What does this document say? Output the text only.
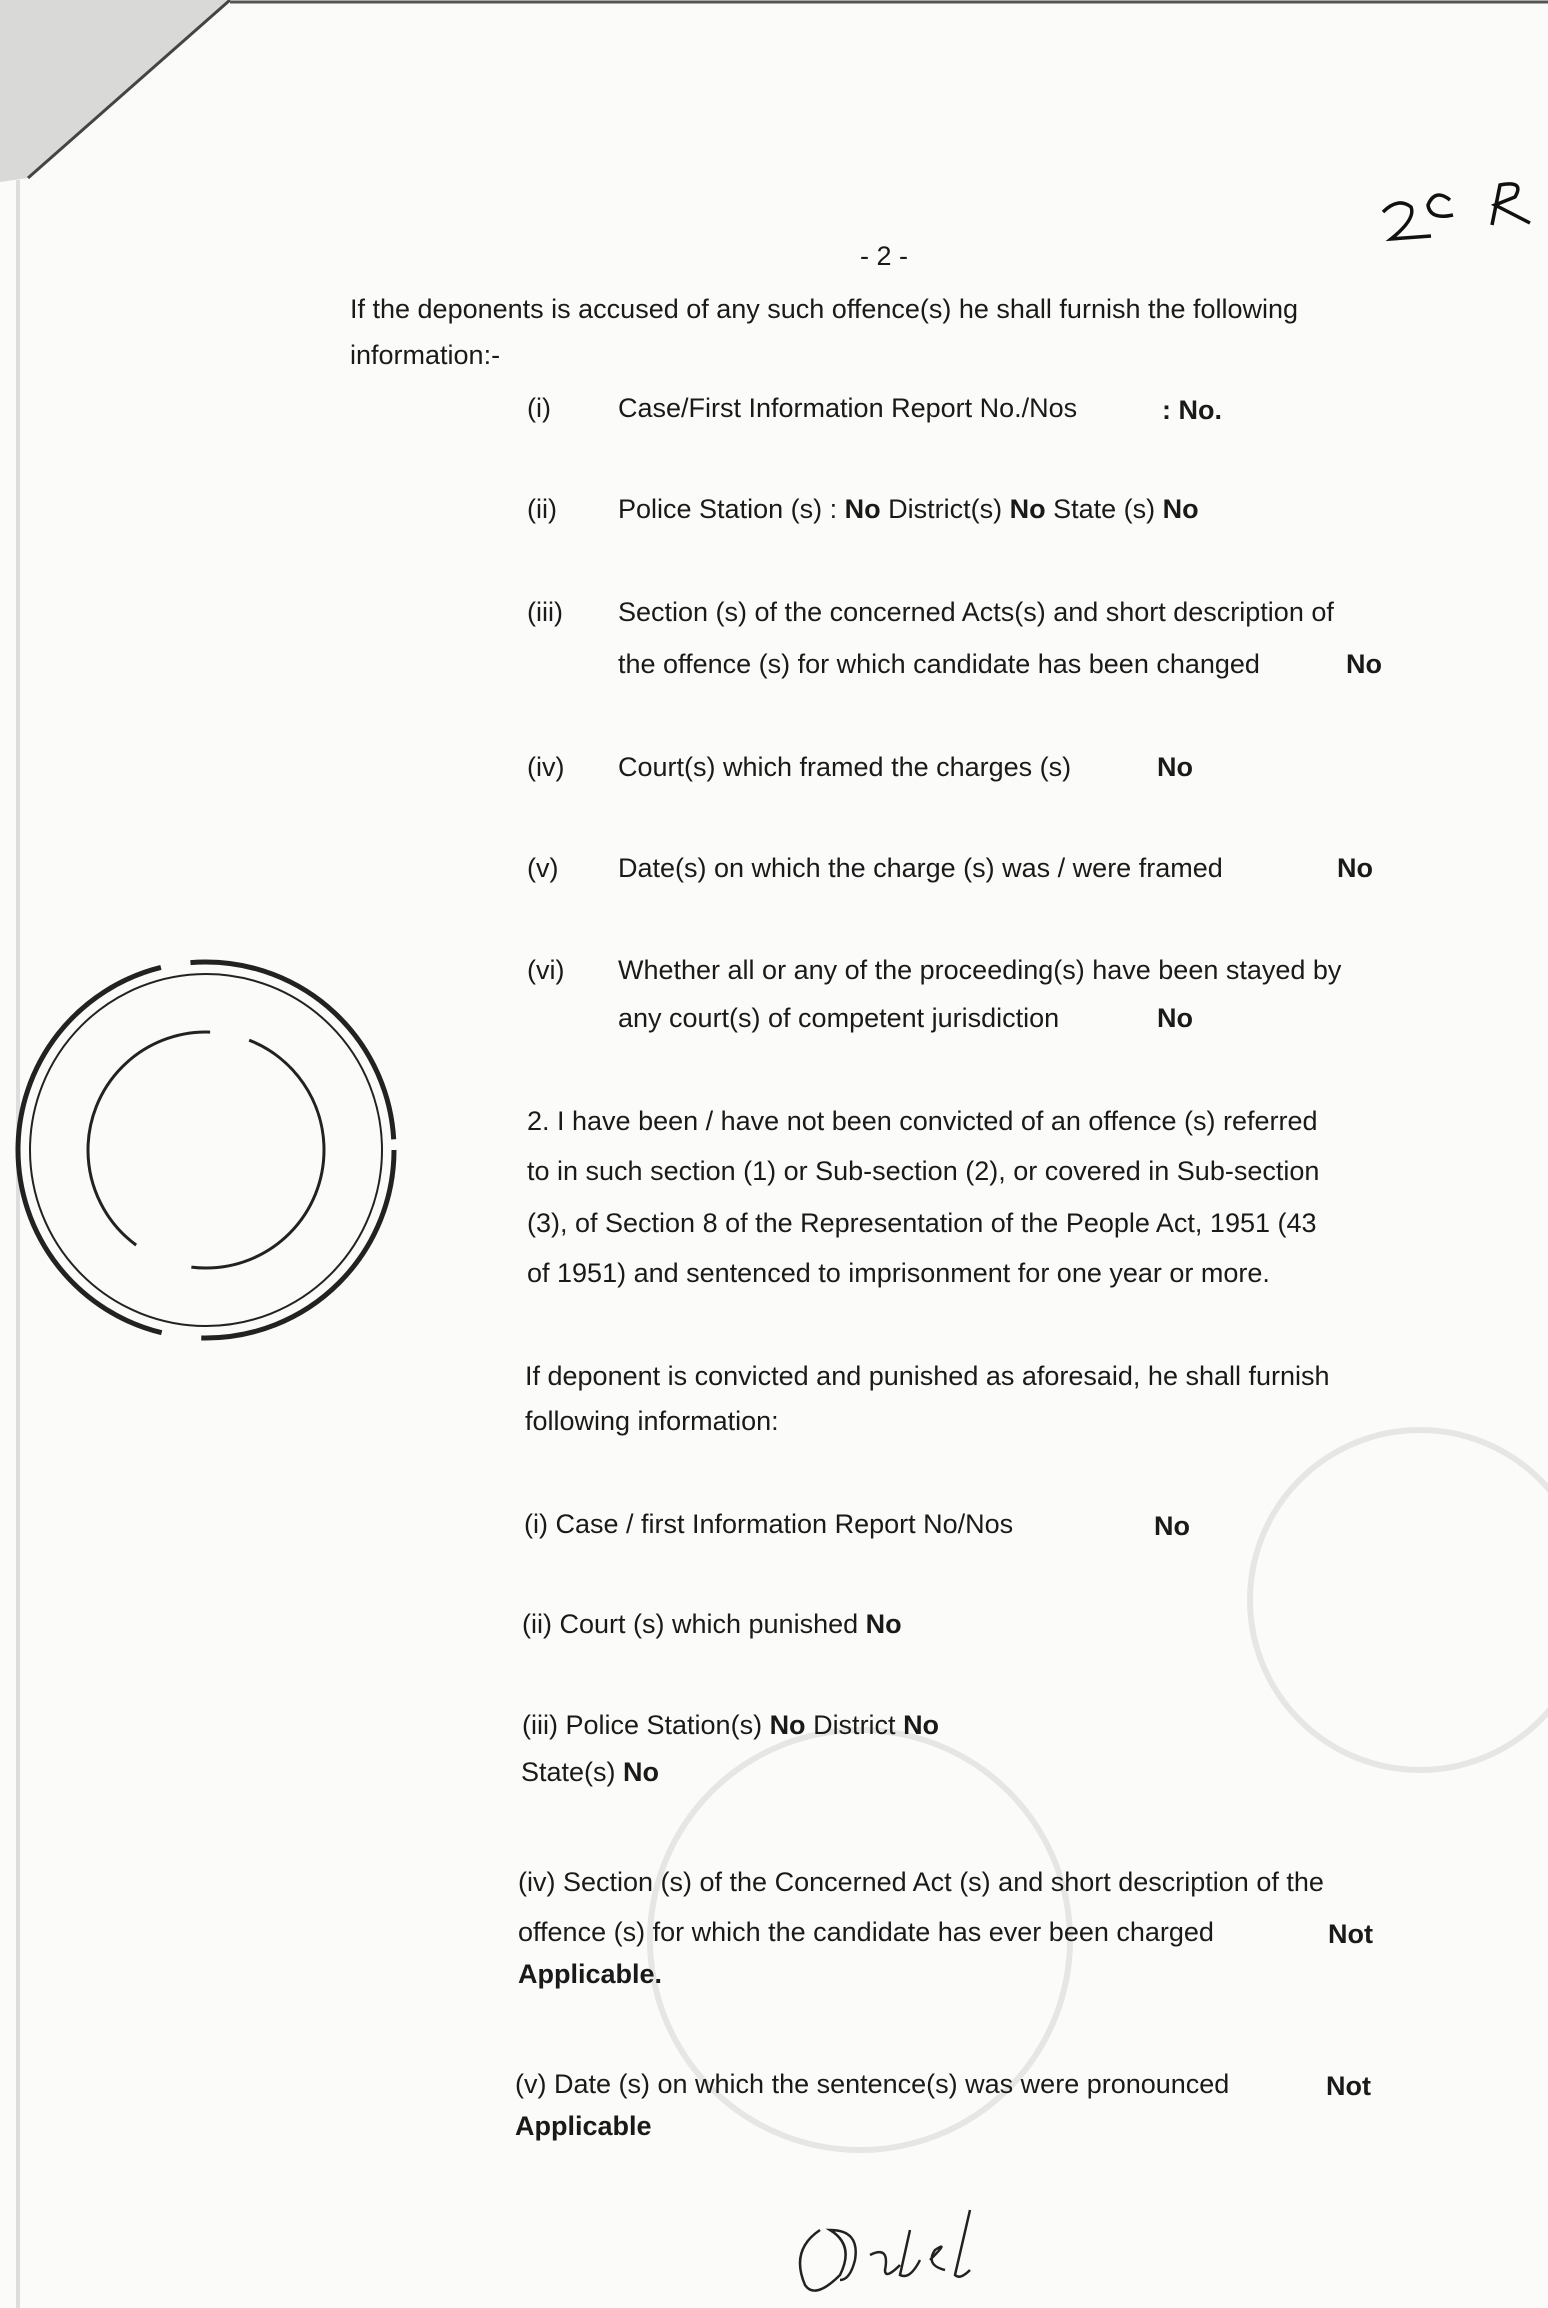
- 2 -
If the deponents is accused of any such offence(s) he shall furnish the following
information:-
(i) Case/First Information Report No./Nos	: No.
(ii) Police Station (s) : No District(s) No State (s) No
(iii) Section (s) of the concerned Acts(s) and short description of
the offence (s) for which candidate has been changed	No
(iv) Court(s) which framed the charges (s)	No
(v) Date(s) on which the charge (s) was / were framed	No
(vi) Whether all or any of the proceeding(s) have been stayed by
any court(s) of competent jurisdiction	No
2. I have been / have not been convicted of an offence (s) referred
to in such section (1) or Sub-section (2), or covered in Sub-section
(3), of Section 8 of the Representation of the People Act, 1951 (43
of 1951) and sentenced to imprisonment for one year or more.
If deponent is convicted and punished as aforesaid, he shall furnish
following information:
(i) Case / first Information Report No/Nos	No
(ii) Court (s) which punished No
(iii) Police Station(s) No District No
State(s) No
(iv) Section (s) of the Concerned Act (s) and short description of the
offence (s) for which the candidate has ever been charged	Not
Applicable.
(v) Date (s) on which the sentence(s) was were pronounced	Not
Applicable
